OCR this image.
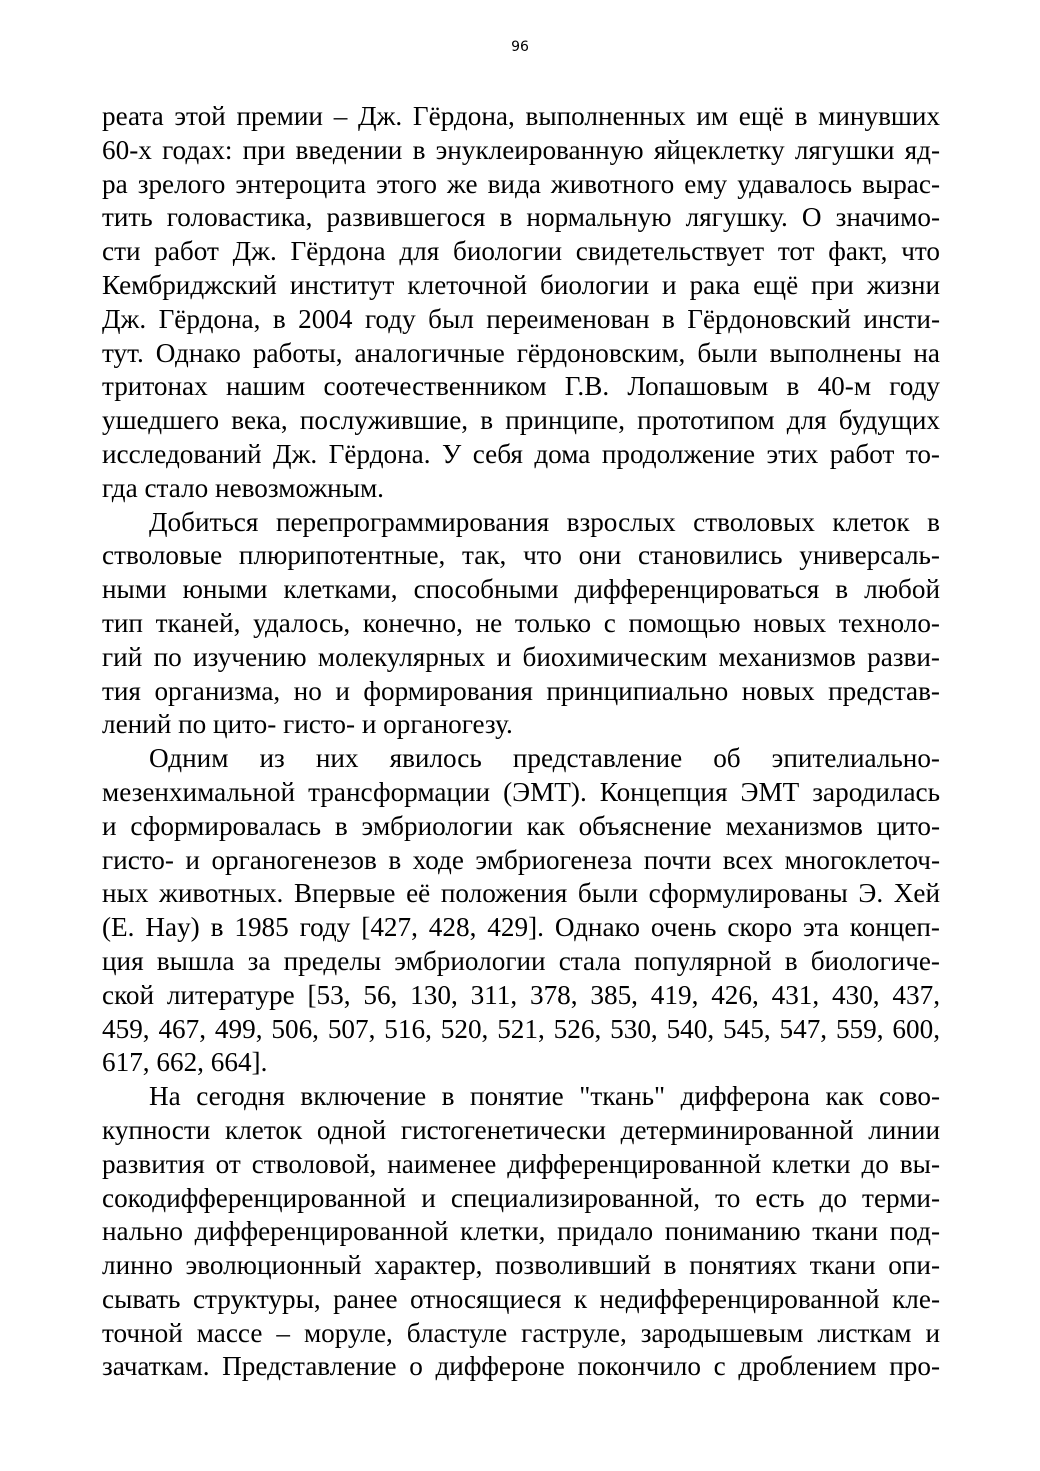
96

реата этой премии – Дж. Гёрдона, выполненных им ещё в минувших
60-х годах: при введении в энуклеированную яйцеклетку лягушки яд-
ра зрелого энтероцита этого же вида животного ему удавалось вырас-
тить головастика, развившегося в нормальную лягушку. О значимо-
сти работ Дж. Гёрдона для биологии свидетельствует тот факт, что
Кембриджский институт клеточной биологии и рака ещё при жизни
Дж. Гёрдона, в 2004 году был переименован в Гёрдоновский инсти-
тут. Однако работы, аналогичные гёрдоновским, были выполнены на
тритонах нашим соотечественником Г.В. Лопашовым в 40-м году
ушедшего века, послужившие, в принципе, прототипом для будущих
исследований Дж. Гёрдона. У себя дома продолжение этих работ то-
гда стало невозможным.

Добиться перепрограммирования взрослых стволовых клеток в
стволовые плюрипотентные, так, что они становились универсаль-
ными юными клетками, способными дифференцироваться в любой
тип тканей, удалось, конечно, не только с помощью новых техноло-
гий по изучению молекулярных и биохимическим механизмов разви-
тия организма, но и формирования принципиально новых представ-
лений по цито- гисто- и органогезу.

Одним из них явилось представление об эпителиально-
мезенхимальной трансформации (ЭМТ). Концепция ЭМТ зародилась
и сформировалась в эмбриологии как объяснение механизмов цито-
гисто- и органогенезов в ходе эмбриогенеза почти всех многоклеточ-
ных животных. Впервые её положения были сформулированы Э. Хей
(E. Hay) в 1985 году [427, 428, 429]. Однако очень скоро эта концеп-
ция вышла за пределы эмбриологии стала популярной в биологиче-
ской литературе [53, 56, 130, 311, 378, 385, 419, 426, 431, 430, 437,
459, 467, 499, 506, 507, 516, 520, 521, 526, 530, 540, 545, 547, 559, 600,
617, 662, 664].

На сегодня включение в понятие "ткань" дифферона как сово-
купности клеток одной гистогенетически детерминированной линии
развития от стволовой, наименее дифференцированной клетки до вы-
сокодифференцированной и специализированной, то есть до терми-
нально дифференцированной клетки, придало пониманию ткани под-
линно эволюционный характер, позволивший в понятиях ткани опи-
сывать структуры, ранее относящиеся к недифференцированной кле-
точной массе – моруле, бластуле гаструле, зародышевым листкам и
зачаткам. Представление о диффероне покончило с дроблением про-
